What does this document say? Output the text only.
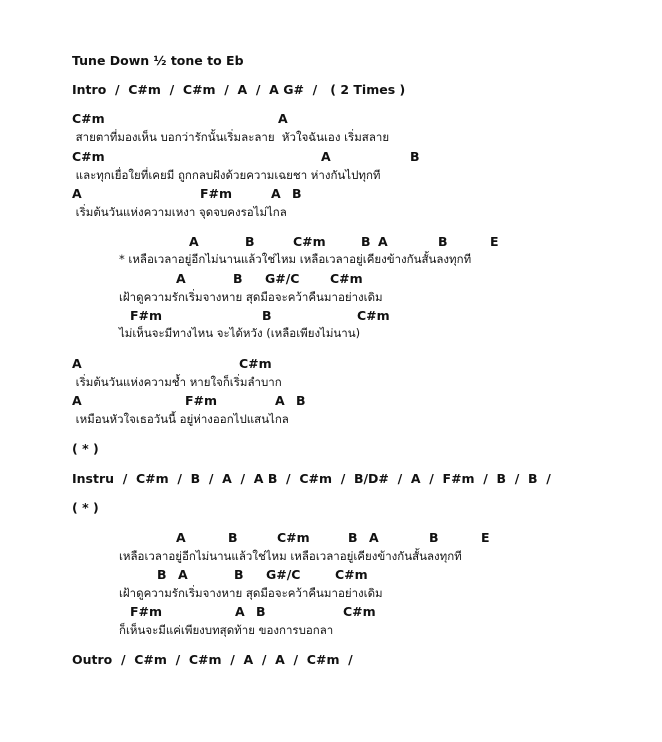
Tune Down ½ tone to Eb
Intro  /  C#m  /  C#m  /  A  /  A G#  /   ( 2 Times )
C#m	A
สายตาที่มองเห็น บอกว่ารักนั้นเริ่มละลาย  หัวใจฉันเอง เริ่มสลาย
C#m	A	B
และทุกเยื่อใยที่เคยมี ถูกกลบฝังด้วยความเฉยชา ห่างกันไปทุกที
A	F#m	A B
เริ่มต้นวันแห่งความเหงา จุดจบคงรอไม่ไกล
A	B	C#m	B A	B	E
* เหลือเวลาอยู่อีกไม่นานแล้วใช่ไหม เหลือเวลาอยู่เคียงข้างกันสั้นลงทุกที
A	B G#/C C#m
เฝ้าดูความรักเริ่มจางหาย สุดมือจะคว้าคืนมาอย่างเดิม
F#m	B	C#m
ไม่เห็นจะมีทางไหน จะได้หวัง (เหลือเพียงไม่นาน)
A	C#m
เริ่มต้นวันแห่งความช้ำ หายใจก็เริ่มลำบาก
A	F#m	A B
เหมือนหัวใจเธอวันนี้ อยู่ห่างออกไปแสนไกล
( * )
Instru  /  C#m  /  B  /  A  /  A B  /  C#m  /  B/D#  /  A  /  F#m  /  B  /  B  /
( * )
A	B	C#m	B A	B	E
เหลือเวลาอยู่อีกไม่นานแล้วใช่ไหม เหลือเวลาอยู่เคียงข้างกันสั้นลงทุกที
B A	B G#/C	C#m
เฝ้าดูความรักเริ่มจางหาย สุดมือจะคว้าคืนมาอย่างเดิม
F#m	A B	C#m
ก็เห็นจะมีแค่เพียงบทสุดท้าย ของการบอกลา
Outro  /  C#m  /  C#m  /  A  /  A  /  C#m  /
